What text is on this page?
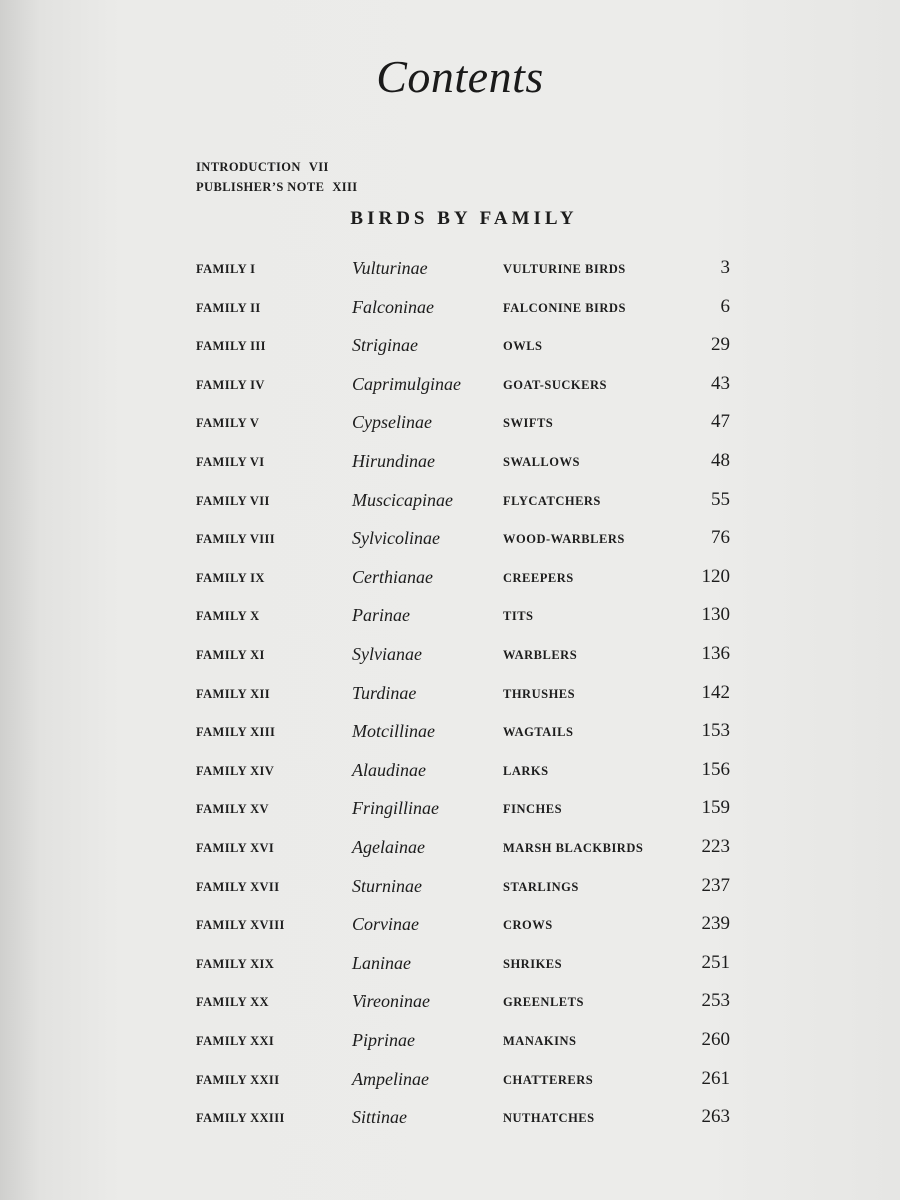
Contents
INTRODUCTION VII
PUBLISHER’S NOTE XIII
BIRDS BY FAMILY
FAMILY I	Vulturinae	VULTURINE BIRDS	3
FAMILY II	Falconinae	FALCONINE BIRDS	6
FAMILY III	Striginae	OWLS	29
FAMILY IV	Caprimulginae	GOAT-SUCKERS	43
FAMILY V	Cypselinae	SWIFTS	47
FAMILY VI	Hirundinae	SWALLOWS	48
FAMILY VII	Muscicapinae	FLYCATCHERS	55
FAMILY VIII	Sylvicolinae	WOOD-WARBLERS	76
FAMILY IX	Certhianae	CREEPERS	120
FAMILY X	Parinae	TITS	130
FAMILY XI	Sylvianae	WARBLERS	136
FAMILY XII	Turdinae	THRUSHES	142
FAMILY XIII	Motcillinae	WAGTAILS	153
FAMILY XIV	Alaudinae	LARKS	156
FAMILY XV	Fringillinae	FINCHES	159
FAMILY XVI	Agelainae	MARSH BLACKBIRDS	223
FAMILY XVII	Sturninae	STARLINGS	237
FAMILY XVIII	Corvinae	CROWS	239
FAMILY XIX	Laninae	SHRIKES	251
FAMILY XX	Vireoninae	GREENLETS	253
FAMILY XXI	Piprinae	MANAKINS	260
FAMILY XXII	Ampelinae	CHATTERERS	261
FAMILY XXIII	Sittinae	NUTHATCHES	263
